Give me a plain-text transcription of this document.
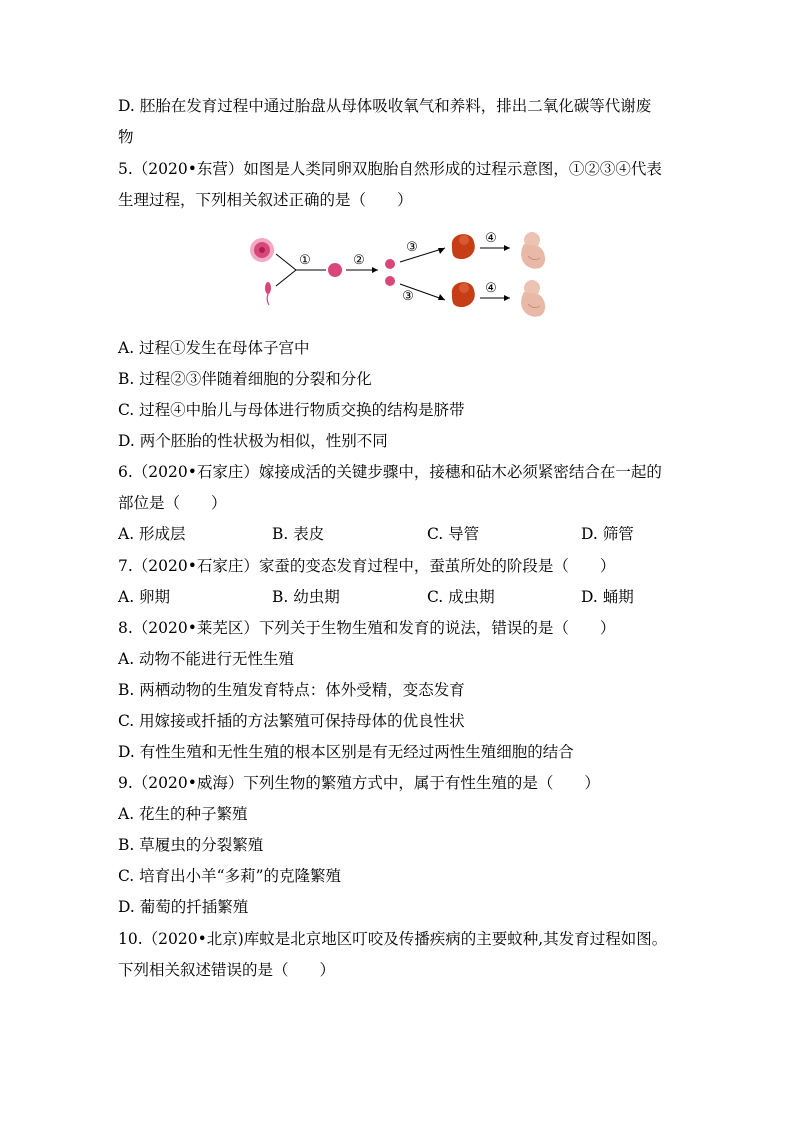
D. 胚胎在发育过程中通过胎盘从母体吸收氧气和养料，排出二氧化碳等代谢废
物
5.（2020•东营）如图是人类同卵双胞胎自然形成的过程示意图，①②③④代表
生理过程，下列相关叙述正确的是（　　）
①	②
③
③
④
④
A. 过程①发生在母体子宫中
B. 过程②③伴随着细胞的分裂和分化
C. 过程④中胎儿与母体进行物质交换的结构是脐带
D. 两个胚胎的性状极为相似，性别不同
6.（2020•石家庄）嫁接成活的关键步骤中，接穗和砧木必须紧密结合在一起的
部位是（　　）
A. 形成层	B. 表皮	C. 导管	D. 筛管
7.（2020•石家庄）家蚕的变态发育过程中，蚕茧所处的阶段是（　　）
A. 卵期	B. 幼虫期	C. 成虫期	D. 蛹期
8.（2020•莱芜区）下列关于生物生殖和发育的说法，错误的是（　　）
A. 动物不能进行无性生殖
B. 两栖动物的生殖发育特点：体外受精，变态发育
C. 用嫁接或扦插的方法繁殖可保持母体的优良性状
D. 有性生殖和无性生殖的根本区别是有无经过两性生殖细胞的结合
9.（2020•威海）下列生物的繁殖方式中，属于有性生殖的是（　　）
A. 花生的种子繁殖
B. 草履虫的分裂繁殖
C. 培育出小羊“多莉”的克隆繁殖
D. 葡萄的扦插繁殖
10.（2020•北京)库蚊是北京地区叮咬及传播疾病的主要蚊种,其发育过程如图。
下列相关叙述错误的是（　　）
